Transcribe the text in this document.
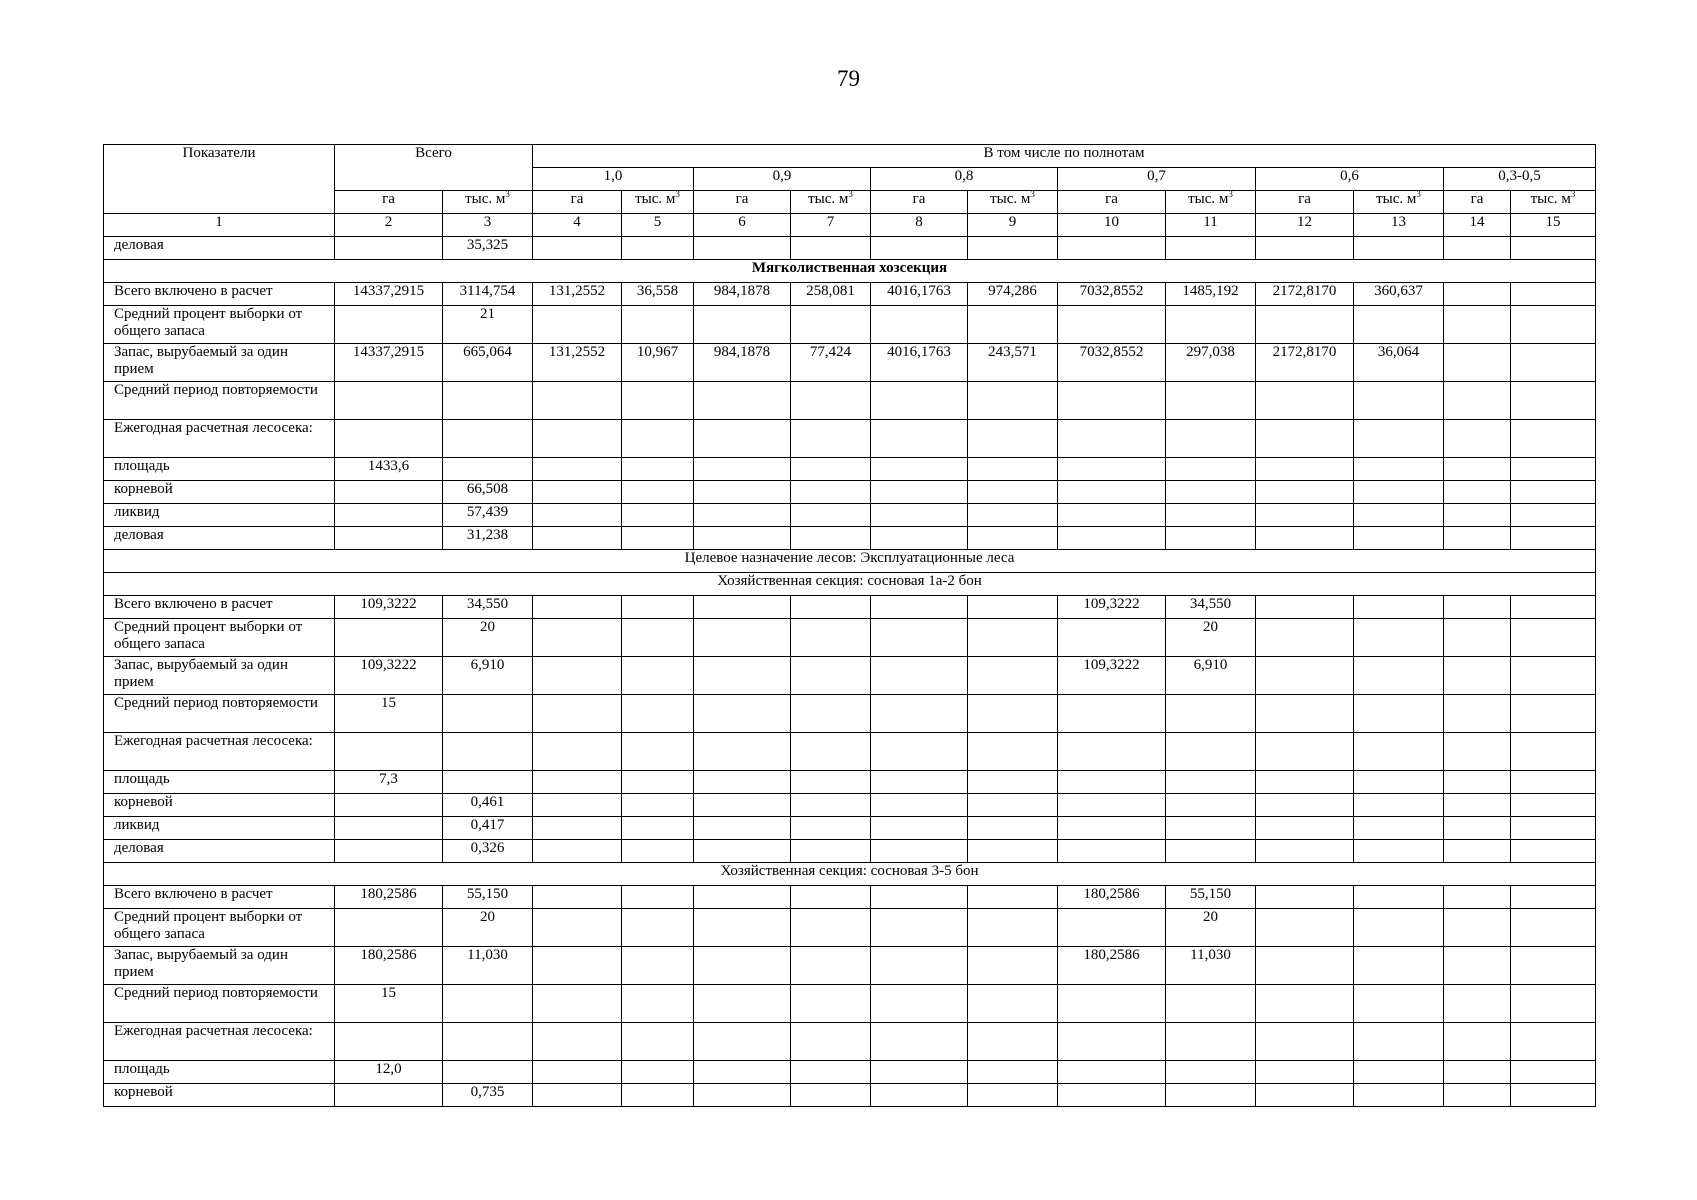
79
Показатели	Всего		В том числе по полнотам											
			1,0		0,9		0,8		0,7		0,6		0,3-0,5	
	га	тыс. $м^3$	га	тыс. $м^3$	га	тыс. $м^3$	га	тыс. $м^3$	га	тыс. $м^3$	га	тыс. $м^3$	га	тыс. $м^3$
1	2	3	4	5	6	7	8	9	10	11	12	13	14	15
деловая		35,325												
Мягколиственная хозсекция														
Всего включено в расчет	14337,2915	3114,754	131,2552	36,558	984,1878	258,081	4016,1763	974,286	7032,8552	1485,192	2172,8170	360,637		
Средний процент выборки от общего запаса		21												
Запас, вырубаемый за один прием	14337,2915	665,064	131,2552	10,967	984,1878	77,424	4016,1763	243,571	7032,8552	297,038	2172,8170	36,064		
Средний период повторяемости														
Ежегодная расчетная лесосека:														
площадь	1433,6													
корневой		66,508												
ликвид		57,439												
деловая		31,238												
Целевое назначение лесов: Эксплуатационные леса														
Хозяйственная секция: сосновая 1а-2 бон														
Всего включено в расчет	109,3222	34,550							109,3222	34,550				
Средний процент выборки от общего запаса		20								20				
Запас, вырубаемый за один прием	109,3222	6,910							109,3222	6,910				
Средний период повторяемости	15													
Ежегодная расчетная лесосека:														
площадь	7,3													
корневой		0,461												
ликвид		0,417												
деловая		0,326												
Хозяйственная секция: сосновая 3-5 бон														
Всего включено в расчет	180,2586	55,150							180,2586	55,150				
Средний процент выборки от общего запаса		20								20				
Запас, вырубаемый за один прием	180,2586	11,030							180,2586	11,030				
Средний период повторяемости	15													
Ежегодная расчетная лесосека:														
площадь	12,0													
корневой		0,735												
